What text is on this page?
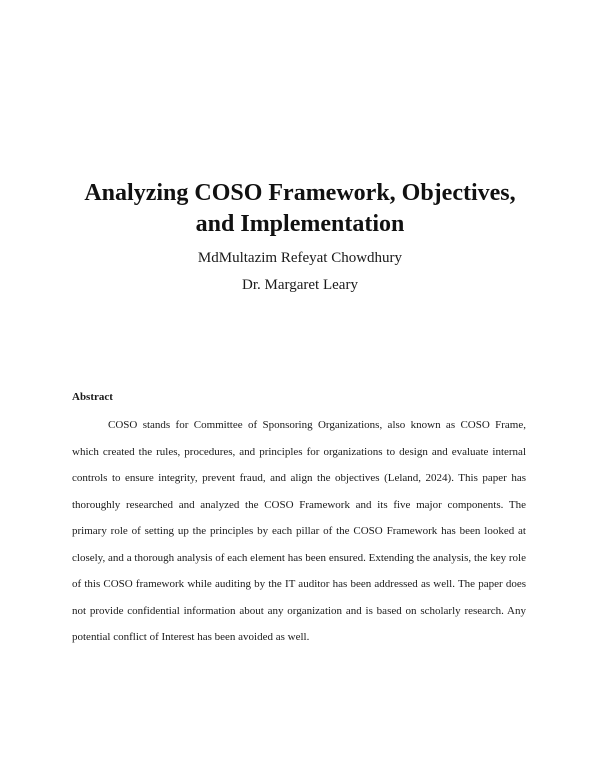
Analyzing COSO Framework, Objectives,
and Implementation
MdMultazim Refeyat Chowdhury
Dr. Margaret Leary
Abstract

COSO stands for Committee of Sponsoring Organizations, also known as COSO Frame, which created the rules, procedures, and principles for organizations to design and evaluate internal controls to ensure integrity, prevent fraud, and align the objectives (Leland, 2024). This paper has thoroughly researched and analyzed the COSO Framework and its five major components. The primary role of setting up the principles by each pillar of the COSO Framework has been looked at closely, and a thorough analysis of each element has been ensured. Extending the analysis, the key role of this COSO framework while auditing by the IT auditor has been addressed as well. The paper does not provide confidential information about any organization and is based on scholarly research. Any potential conflict of Interest has been avoided as well.
